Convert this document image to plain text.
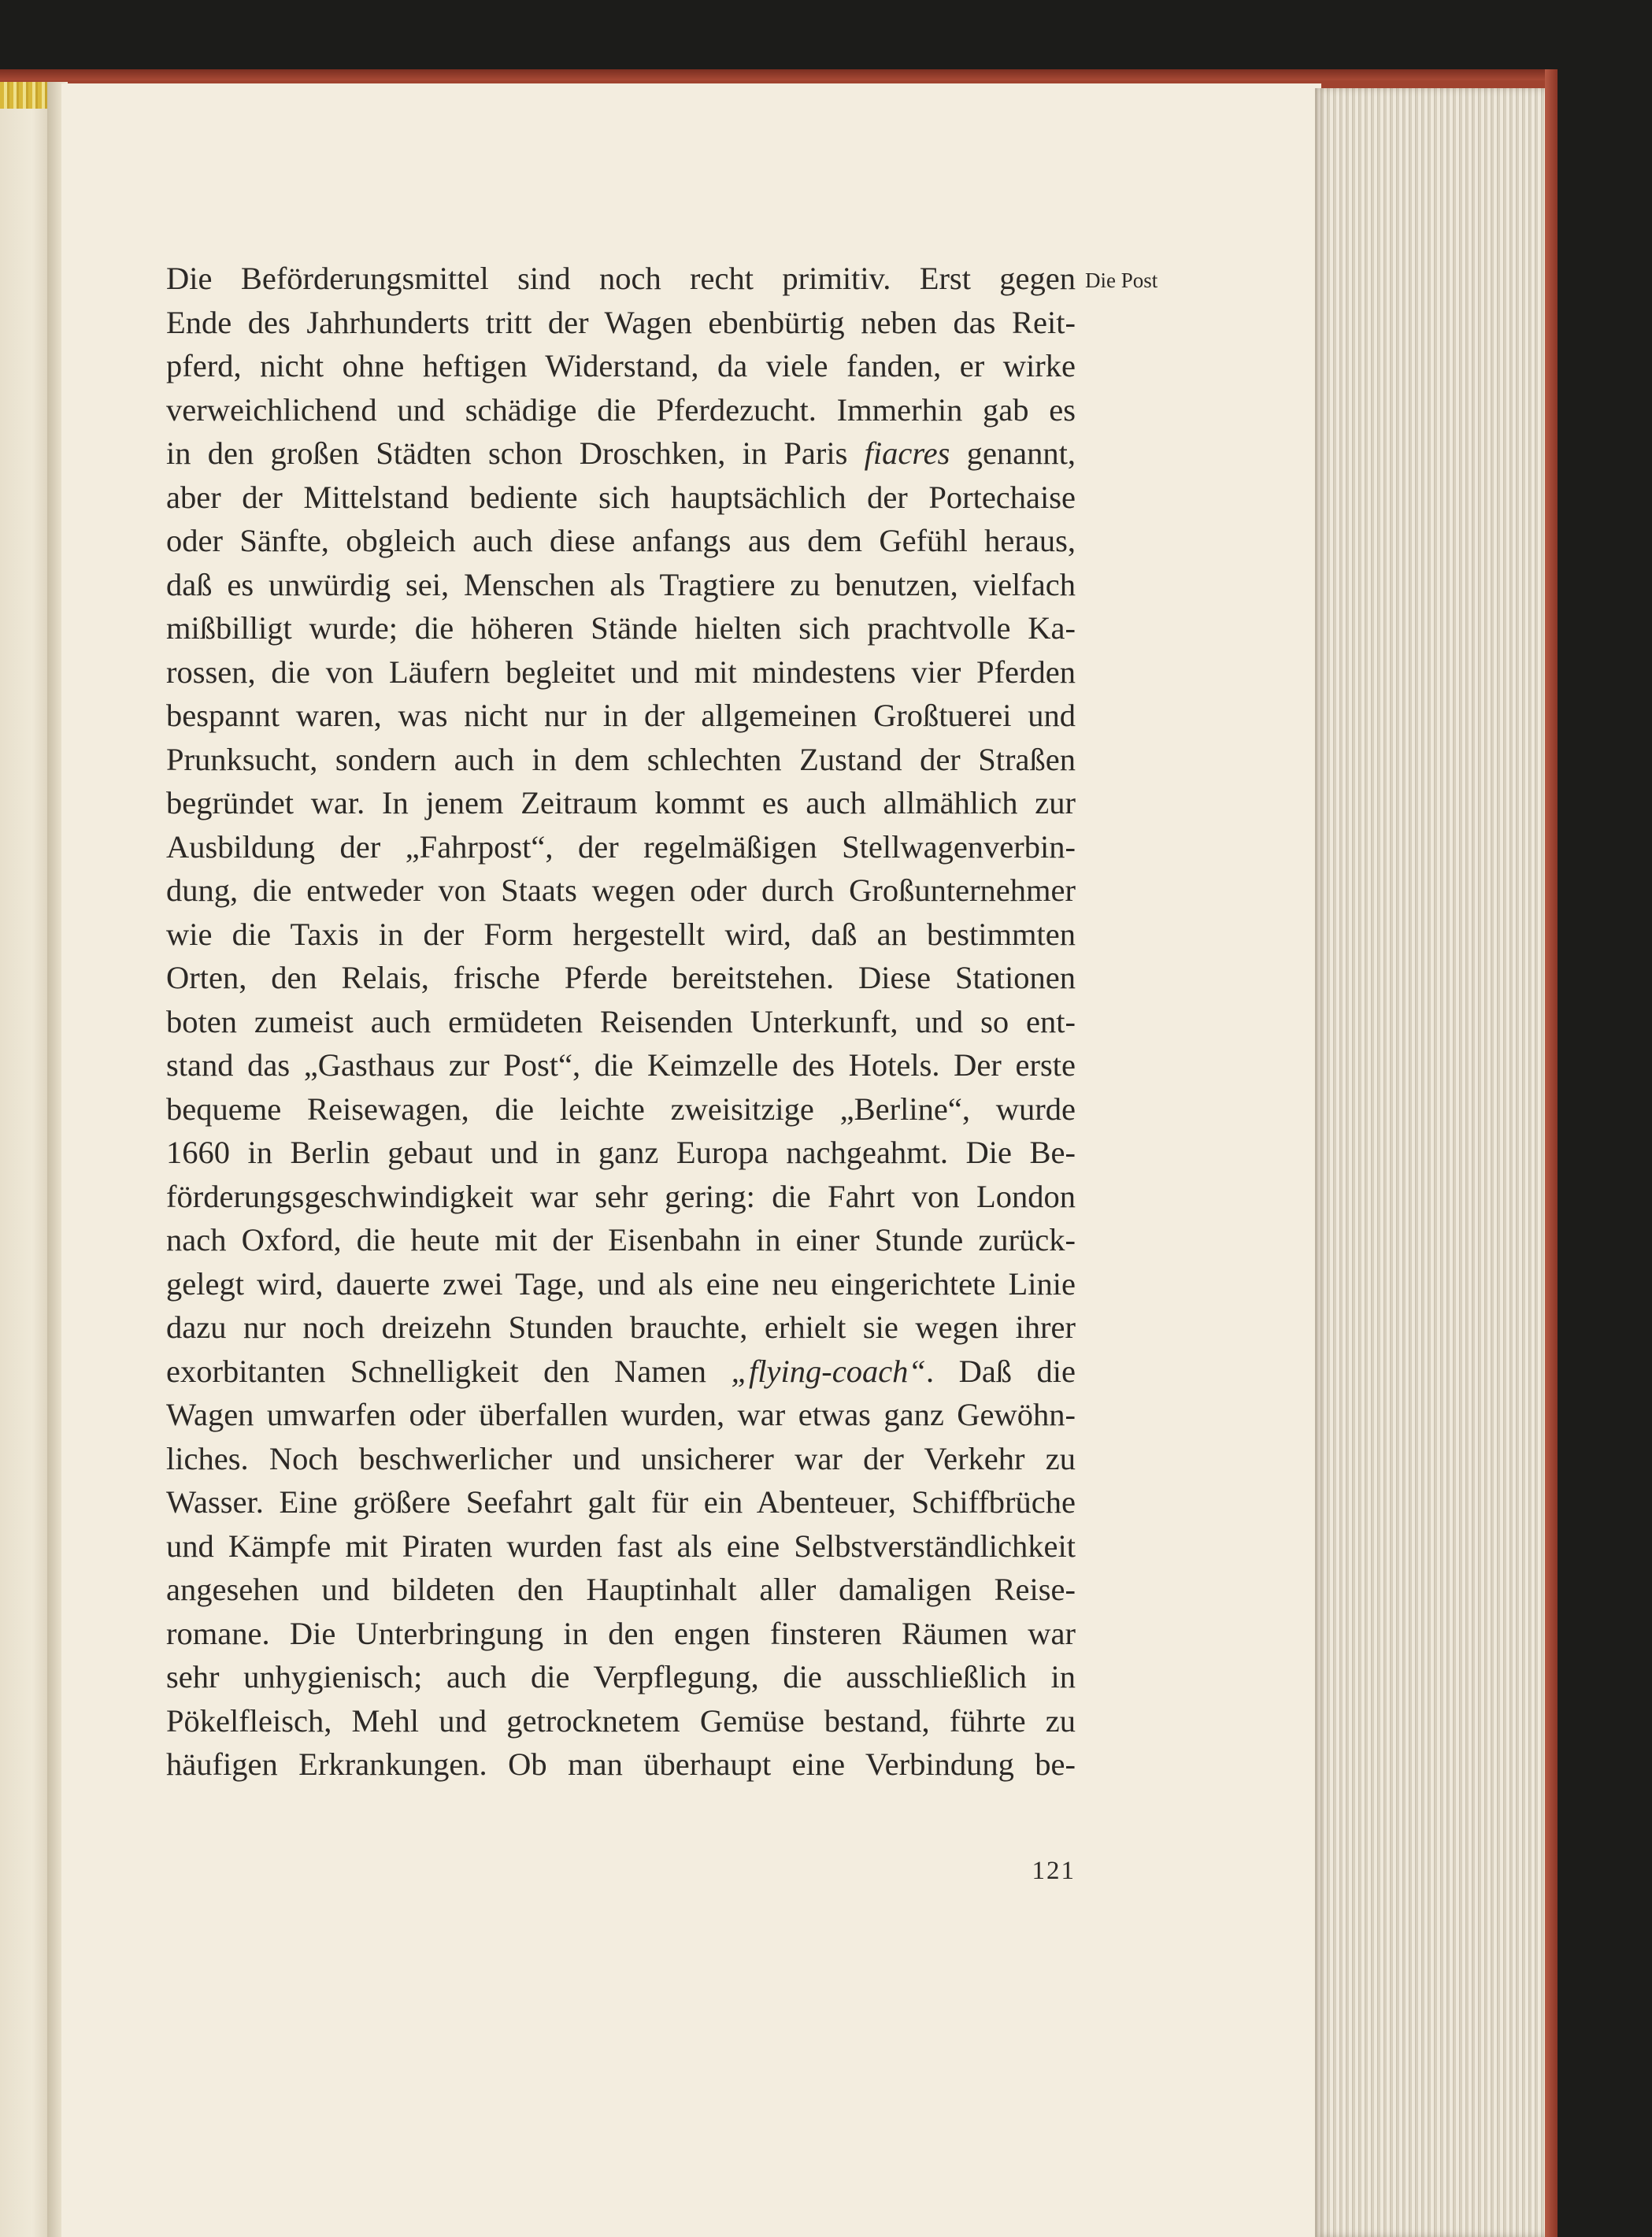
Die Post
Die Beförderungsmittel sind noch recht primitiv. Erst gegen
Ende des Jahrhunderts tritt der Wagen ebenbürtig neben das Reit-
pferd, nicht ohne heftigen Widerstand, da viele fanden, er wirke
verweichlichend und schädige die Pferdezucht. Immerhin gab es
in den großen Städten schon Droschken, in Paris fiacres genannt,
aber der Mittelstand bediente sich hauptsächlich der Portechaise
oder Sänfte, obgleich auch diese anfangs aus dem Gefühl heraus,
daß es unwürdig sei, Menschen als Tragtiere zu benutzen, vielfach
mißbilligt wurde; die höheren Stände hielten sich prachtvolle Ka-
rossen, die von Läufern begleitet und mit mindestens vier Pferden
bespannt waren, was nicht nur in der allgemeinen Großtuerei und
Prunksucht, sondern auch in dem schlechten Zustand der Straßen
begründet war. In jenem Zeitraum kommt es auch allmählich zur
Ausbildung der „Fahrpost“, der regelmäßigen Stellwagenverbin-
dung, die entweder von Staats wegen oder durch Großunternehmer
wie die Taxis in der Form hergestellt wird, daß an bestimmten
Orten, den Relais, frische Pferde bereitstehen. Diese Stationen
boten zumeist auch ermüdeten Reisenden Unterkunft, und so ent-
stand das „Gasthaus zur Post“, die Keimzelle des Hotels. Der erste
bequeme Reisewagen, die leichte zweisitzige „Berline“, wurde
1660 in Berlin gebaut und in ganz Europa nachgeahmt. Die Be-
förderungsgeschwindigkeit war sehr gering: die Fahrt von London
nach Oxford, die heute mit der Eisenbahn in einer Stunde zurück-
gelegt wird, dauerte zwei Tage, und als eine neu eingerichtete Linie
dazu nur noch dreizehn Stunden brauchte, erhielt sie wegen ihrer
exorbitanten Schnelligkeit den Namen „flying-coach“. Daß die
Wagen umwarfen oder überfallen wurden, war etwas ganz Gewöhn-
liches. Noch beschwerlicher und unsicherer war der Verkehr zu
Wasser. Eine größere Seefahrt galt für ein Abenteuer, Schiffbrüche
und Kämpfe mit Piraten wurden fast als eine Selbstverständlichkeit
angesehen und bildeten den Hauptinhalt aller damaligen Reise-
romane. Die Unterbringung in den engen finsteren Räumen war
sehr unhygienisch; auch die Verpflegung, die ausschließlich in
Pökelfleisch, Mehl und getrocknetem Gemüse bestand, führte zu
häufigen Erkrankungen. Ob man überhaupt eine Verbindung be-
121
